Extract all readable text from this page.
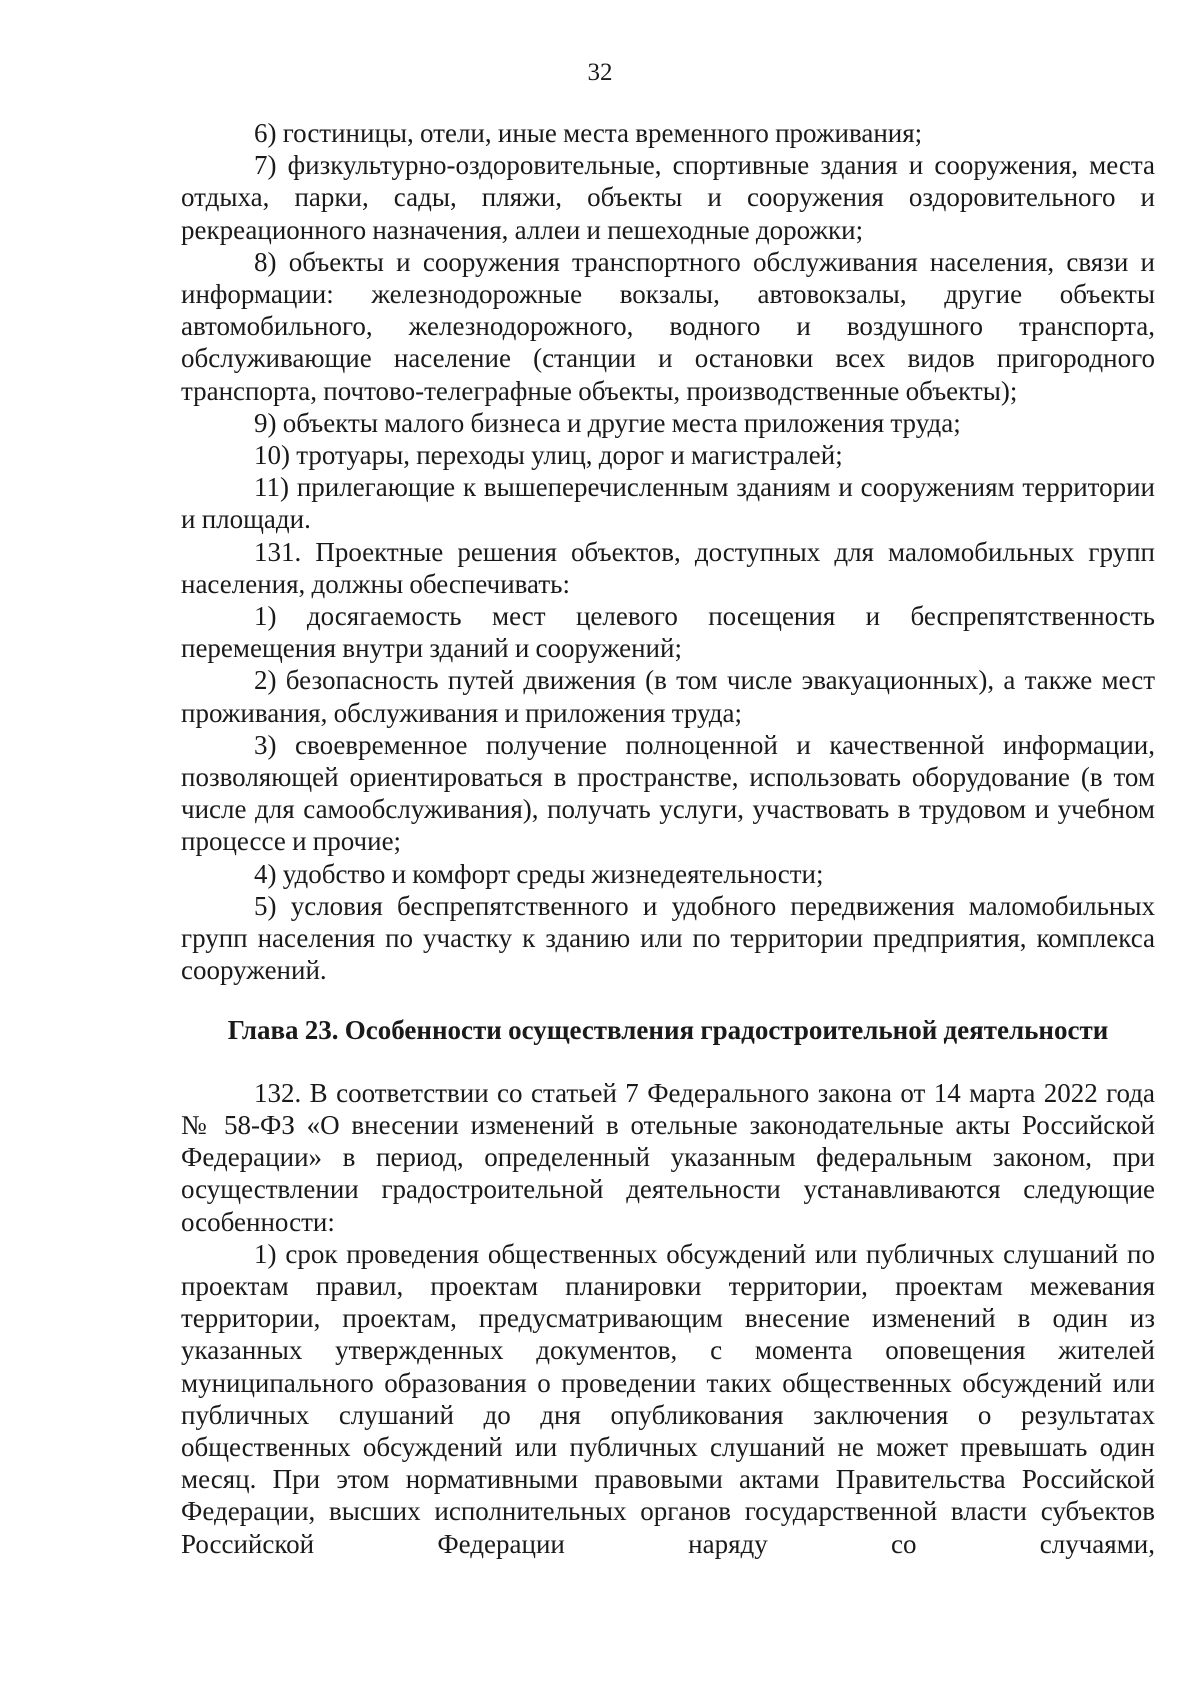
32

6) гостиницы, отели, иные места временного проживания;

7) физкультурно-оздоровительные, спортивные здания и сооружения, места отдыха, парки, сады, пляжи, объекты и сооружения оздоровительного и рекреационного назначения, аллеи и пешеходные дорожки;

8) объекты и сооружения транспортного обслуживания населения, связи и информации: железнодорожные вокзалы, автовокзалы, другие объекты автомобильного, железнодорожного, водного и воздушного транспорта, обслуживающие население (станции и остановки всех видов пригородного транспорта, почтово-телеграфные объекты, производственные объекты);

9) объекты малого бизнеса и другие места приложения труда;

10) тротуары, переходы улиц, дорог и магистралей;

11) прилегающие к вышеперечисленным зданиям и сооружениям территории и площади.

131. Проектные решения объектов, доступных для маломобильных групп населения, должны обеспечивать:

1) досягаемость мест целевого посещения и беспрепятственность перемещения внутри зданий и сооружений;

2) безопасность путей движения (в том числе эвакуационных), а также мест проживания, обслуживания и приложения труда;

3) своевременное получение полноценной и качественной информации, позволяющей ориентироваться в пространстве, использовать оборудование (в том числе для самообслуживания), получать услуги, участвовать в трудовом и учебном процессе и прочие;

4) удобство и комфорт среды жизнедеятельности;

5) условия беспрепятственного и удобного передвижения маломобильных групп населения по участку к зданию или по территории предприятия, комплекса сооружений.

Глава 23. Особенности осуществления градостроительной деятельности

132. В соответствии со статьей 7 Федерального закона от 14 марта 2022 года № 58-ФЗ «О внесении изменений в отельные законодательные акты Российской Федерации» в период, определенный указанным федеральным законом, при осуществлении градостроительной деятельности устанавливаются следующие особенности:

1) срок проведения общественных обсуждений или публичных слушаний по проектам правил, проектам планировки территории, проектам межевания территории, проектам, предусматривающим внесение изменений в один из указанных утвержденных документов, с момента оповещения жителей муниципального образования о проведении таких общественных обсуждений или публичных слушаний до дня опубликования заключения о результатах общественных обсуждений или публичных слушаний не может превышать один месяц. При этом нормативными правовыми актами Правительства Российской Федерации, высших исполнительных органов государственной власти субъектов Российской Федерации наряду со случаями,
